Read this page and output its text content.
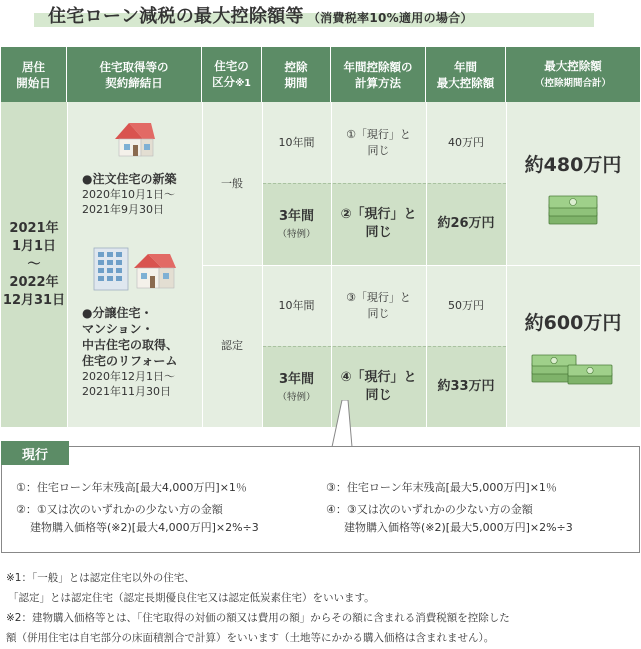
住宅ローン減税の最大控除額等 （消費税率10%適用の場合）
居住
開始日
住宅取得等の
契約締結日
住宅の
区分※1
控除
期間
年間控除額の
計算方法
年間
最大控除額
最大控除額
（控除期間合計）
2021年
1月1日
～
2022年
12月31日
一般
認定
10年間
①「現行」と
同じ
40万円
3年間
（特例）
②「現行」と
同じ
約26万円
10年間
③「現行」と
同じ
50万円
3年間
（特例）
④「現行」と
同じ
約33万円
●注文住宅の新築
2020年10月1日～
2021年9月30日
●分譲住宅・
マンション・
中古住宅の取得、
住宅のリフォーム
2020年12月1日～
2021年11月30日
約480万円
約600万円
現行
①：住宅ローン年末残高[最大4,000万円]×1％
②：①又は次のいずれかの少ない方の金額
建物購入価格等(※2)[最大4,000万円]×2%÷3
③：住宅ローン年末残高[最大5,000万円]×1％
④：③又は次のいずれかの少ない方の金額
建物購入価格等(※2)[最大5,000万円]×2%÷3
※1：「一般」とは認定住宅以外の住宅、
「認定」とは認定住宅（認定長期優良住宅又は認定低炭素住宅）をいいます。
※2：建物購入価格等とは、「住宅取得の対価の額又は費用の額」からその額に含まれる消費税額を控除した
額（併用住宅は自宅部分の床面積割合で計算）をいいます（土地等にかかる購入価格は含まれません）。
